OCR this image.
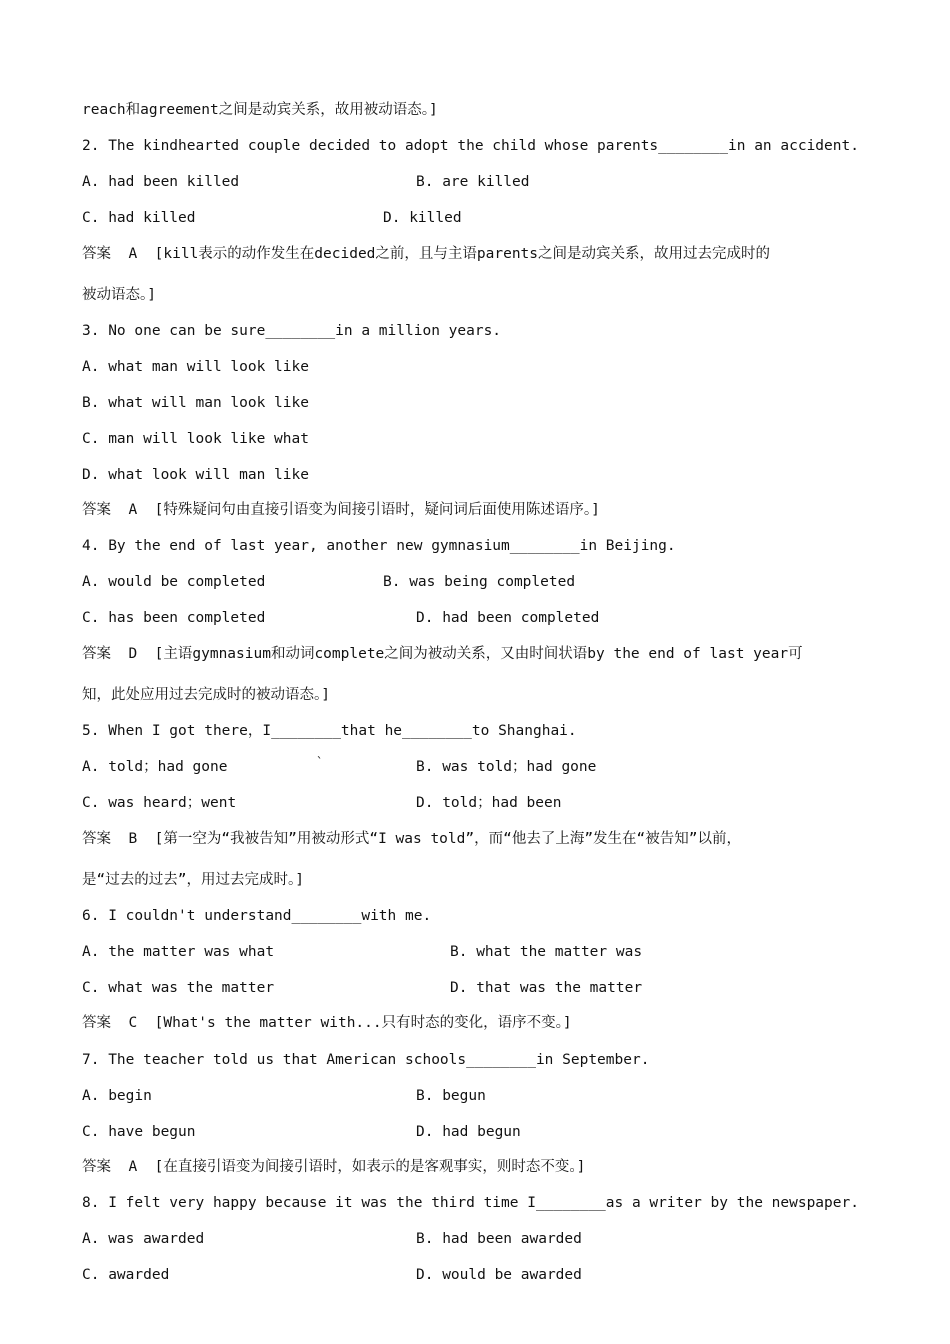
reach和agreement之间是动宾关系，故用被动语态。]
2. The kindhearted couple decided to adopt the child whose parents________in an accident.
A. had been killed	B. are killed
C. had killed	D. killed
答案  A  [kill表示的动作发生在decided之前，且与主语parents之间是动宾关系，故用过去完成时的
被动语态。]
3. No one can be sure________in a million years.
A. what man will look like
B. what will man look like
C. man will look like what
D. what look will man like
答案  A  [特殊疑问句由直接引语变为间接引语时，疑问词后面使用陈述语序。]
4. By the end of last year, another new gymnasium________in Beijing.
A. would be completed	B. was being completed
C. has been completed	D. had been completed
答案  D  [主语gymnasium和动词complete之间为被动关系，又由时间状语by the end of last year可
知，此处应用过去完成时的被动语态。]
5. When I got there，I________that he________to Shanghai.
A. told；had gone	`	B. was told；had gone
C. was heard；went	D. told；had been
答案  B  [第一空为“我被告知”用被动形式“I was told”，而“他去了上海”发生在“被告知”以前，
是“过去的过去”，用过去完成时。]
6. I couldn't understand________with me.
A. the matter was what	B. what the matter was
C. what was the matter	D. that was the matter
答案  C  [What's the matter with...只有时态的变化，语序不变。]
7. The teacher told us that American schools________in September.
A. begin	B. begun
C. have begun	D. had begun
答案  A  [在直接引语变为间接引语时，如表示的是客观事实，则时态不变。]
8. I felt very happy because it was the third time I________as a writer by the newspaper.
A. was awarded	B. had been awarded
C. awarded	D. would be awarded
